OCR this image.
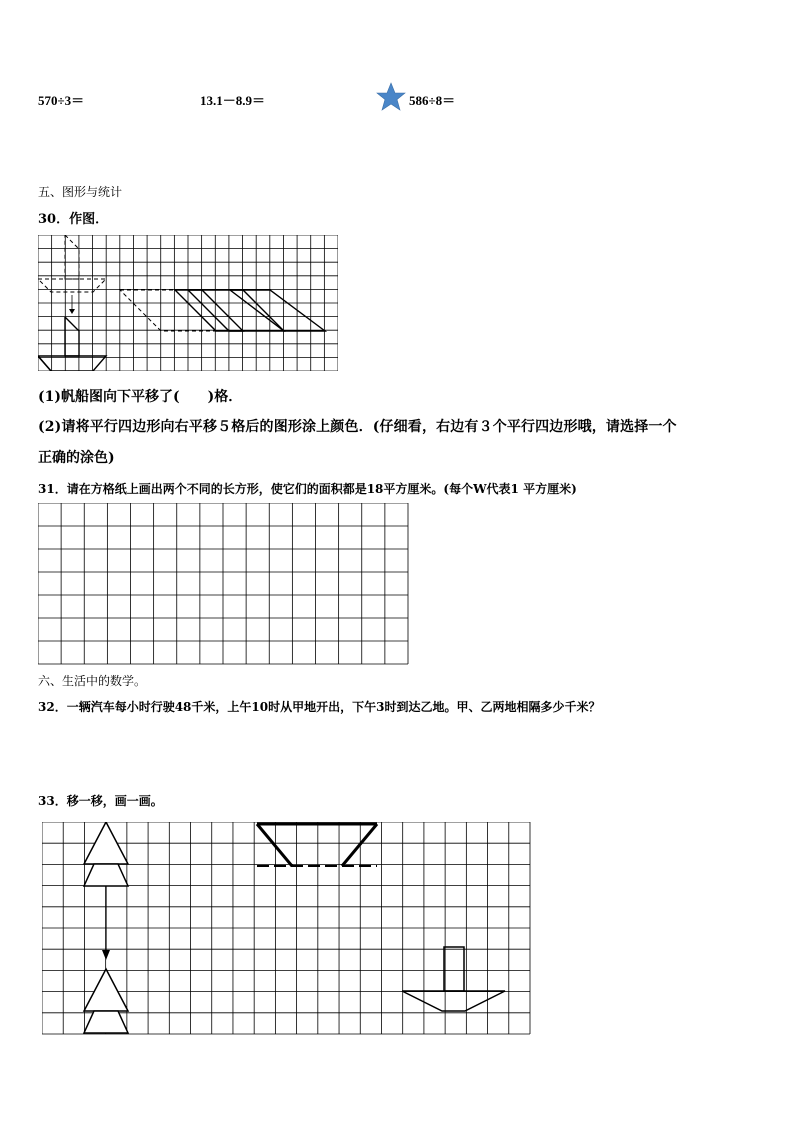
570÷3＝	13.1－8.9＝	586÷8＝
五、图形与统计
30．作图．
(1)帆船图向下平移了(　　)格．
(2)请将平行四边形向右平移５格后的图形涂上颜色．(仔细看，右边有３个平行四边形哦，请选择一个
正确的涂色)
31．请在方格纸上画出两个不同的长方形，使它们的面积都是18平方厘米。(每个W代表1 平方厘米)
六、生活中的数学。
32．一辆汽车每小时行驶48千米，上午10时从甲地开出，下午3时到达乙地。甲、乙两地相隔多少千米？
33．移一移，画一画。
